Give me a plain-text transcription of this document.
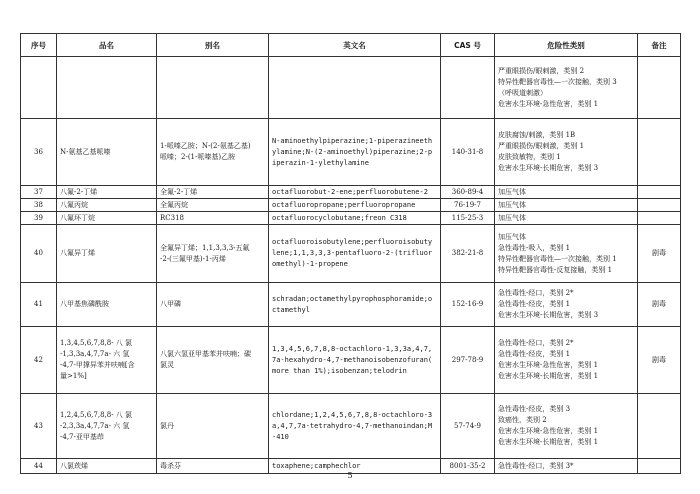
序号	品名	别名	英文名	CAS 号	危险性类别	备注

					严重眼损伤/眼刺激，类别 2
特异性靶器官毒性—一次接触，类别 3
（呼吸道刺激）
危害水生环境-急性危害，类别 1	

36	N-氨基乙基哌嗪	1-哌嗪乙胺；N-(2-氨基乙基)
哌嗪；2-(1-哌嗪基)乙胺	N-aminoethylpiperazine;1-piperazineeth
ylamine;N-(2-aminoethyl)piperazine;2-p
iperazin-1-ylethylamine	140-31-8	皮肤腐蚀/刺激，类别 1B
严重眼损伤/眼刺激，类别 1
皮肤致敏物，类别 1
危害水生环境-长期危害，类别 3	

37	八氟-2-丁烯	全氟-2-丁烯	octafluorobut-2-ene;perfluorobutene-2	360-89-4	加压气体	

38	八氟丙烷	全氟丙烷	octafluoropropane;perfluoropropane	76-19-7	加压气体	

39	八氟环丁烷	RC318	octafluorocyclobutane;freon C318	115-25-3	加压气体	

40	八氟异丁烯	全氟异丁烯；1,1,3,3,3-五氟
-2-(三氟甲基)-1-丙烯	octafluoroisobutylene;perfluoroisobuty
lene;1,1,3,3,3-pentafluoro-2-(trifluor
omethyl)-1-propene	382-21-8	加压气体
急性毒性-吸入，类别 1
特异性靶器官毒性—一次接触，类别 1
特异性靶器官毒性-反复接触，类别 1	剧毒
41	八甲基焦磷酰胺	八甲磷	schradan;octamethylpyrophosphoramide;o
ctamethyl	152-16-9	急性毒性-经口，类别 2*
急性毒性-经皮，类别 1
危害水生环境-长期危害，类别 3	剧毒
42	1,3,4,5,6,7,8,8- 八 氯
-1,3,3a,4,7,7a- 六 氢
-4,7-甲撑异苯并呋喃[含
量>1%]	八氯六氢亚甲基苯并呋喃；碳
氯灵	1,3,4,5,6,7,8,8-octachloro-1,3,3a,4,7,
7a-hexahydro-4,7-methanoisobenzofuran(
more than 1%);isobenzan;telodrin	297-78-9	急性毒性-经口，类别 2*
急性毒性-经皮，类别 1
危害水生环境-急性危害，类别 1
危害水生环境-长期危害，类别 1	剧毒
43	1,2,4,5,6,7,8,8- 八 氯
-2,3,3a,4,7,7a- 六 氢
-4,7-亚甲基茚	氯丹	chlordane;1,2,4,5,6,7,8,8-octachloro-3
a,4,7,7a-tetrahydro-4,7-methanoindan;M
-410	57-74-9	急性毒性-经皮，类别 3
致癌性，类别 2
危害水生环境-急性危害，类别 1
危害水生环境-长期危害，类别 1	

44	八氯莰烯	毒杀芬	toxaphene;camphechlor	8001-35-2	急性毒性-经口，类别 3*	

5
